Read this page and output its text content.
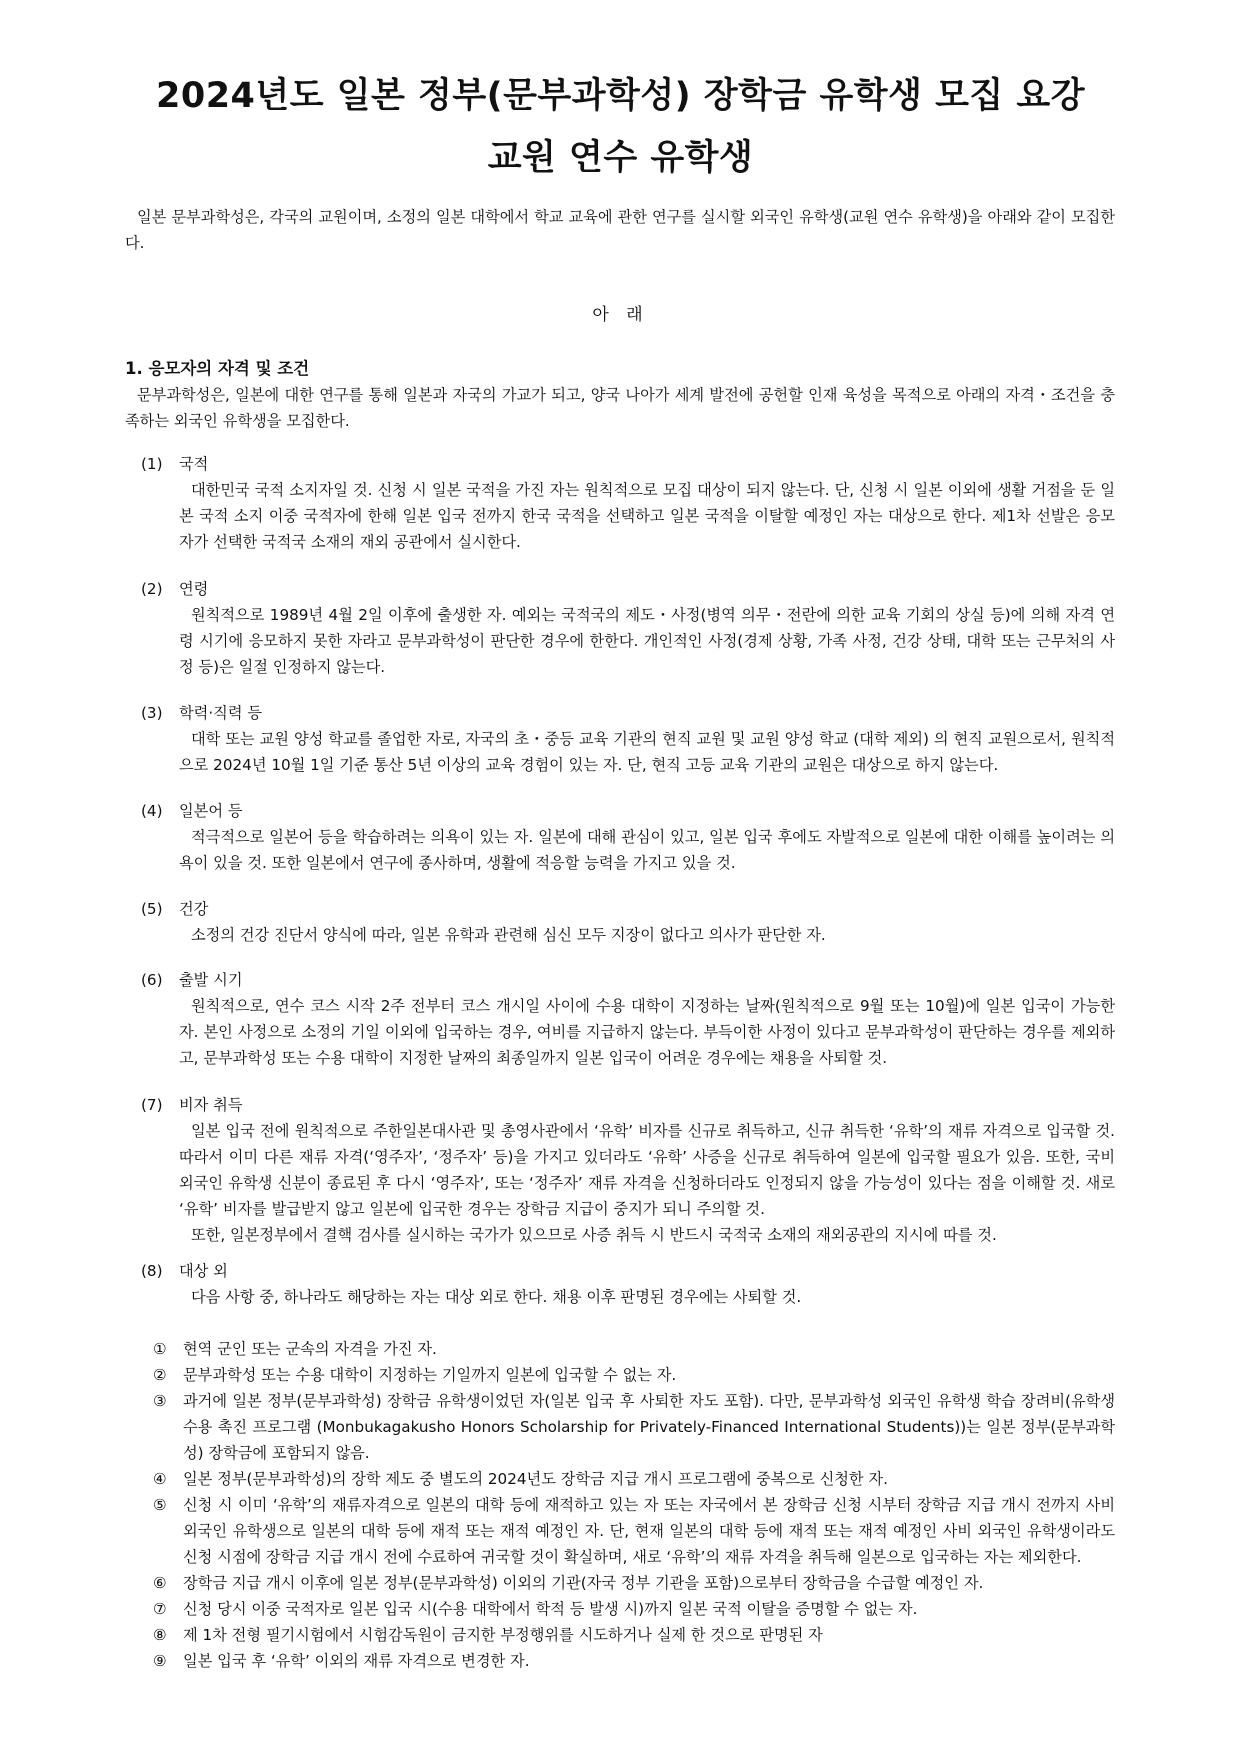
2024년도 일본 정부(문부과학성) 장학금 유학생 모집 요강
교원 연수 유학생
일본 문부과학성은, 각국의 교원이며, 소정의 일본 대학에서 학교 교육에 관한 연구를 실시할 외국인 유학생(교원 연수 유학생)을 아래와 같이 모집한다.
아 래
1. 응모자의 자격 및 조건
문부과학성은, 일본에 대한 연구를 통해 일본과 자국의 가교가 되고, 양국 나아가 세계 발전에 공헌할 인재 육성을 목적으로 아래의 자격・조건을 충족하는 외국인 유학생을 모집한다.
(1) 국적
대한민국 국적 소지자일 것. 신청 시 일본 국적을 가진 자는 원칙적으로 모집 대상이 되지 않는다. 단, 신청 시 일본 이외에 생활 거점을 둔 일본 국적 소지 이중 국적자에 한해 일본 입국 전까지 한국 국적을 선택하고 일본 국적을 이탈할 예정인 자는 대상으로 한다. 제1차 선발은 응모자가 선택한 국적국 소재의 재외 공관에서 실시한다.
(2) 연령
원칙적으로 1989년 4월 2일 이후에 출생한 자. 예외는 국적국의 제도・사정(병역 의무・전란에 의한 교육 기회의 상실 등)에 의해 자격 연령 시기에 응모하지 못한 자라고 문부과학성이 판단한 경우에 한한다. 개인적인 사정(경제 상황, 가족 사정, 건강 상태, 대학 또는 근무처의 사정 등)은 일절 인정하지 않는다.
(3) 학력·직력 등
대학 또는 교원 양성 학교를 졸업한 자로, 자국의 초・중등 교육 기관의 현직 교원 및 교원 양성 학교 (대학 제외) 의 현직 교원으로서, 원칙적으로 2024년 10월 1일 기준 통산 5년 이상의 교육 경험이 있는 자. 단, 현직 고등 교육 기관의 교원은 대상으로 하지 않는다.
(4) 일본어 등
적극적으로 일본어 등을 학습하려는 의욕이 있는 자. 일본에 대해 관심이 있고, 일본 입국 후에도 자발적으로 일본에 대한 이해를 높이려는 의욕이 있을 것. 또한 일본에서 연구에 종사하며, 생활에 적응할 능력을 가지고 있을 것.
(5) 건강
소정의 건강 진단서 양식에 따라, 일본 유학과 관련해 심신 모두 지장이 없다고 의사가 판단한 자.
(6) 출발 시기
원칙적으로, 연수 코스 시작 2주 전부터 코스 개시일 사이에 수용 대학이 지정하는 날짜(원칙적으로 9월 또는 10월)에 일본 입국이 가능한 자. 본인 사정으로 소정의 기일 이외에 입국하는 경우, 여비를 지급하지 않는다. 부득이한 사정이 있다고 문부과학성이 판단하는 경우를 제외하고, 문부과학성 또는 수용 대학이 지정한 날짜의 최종일까지 일본 입국이 어려운 경우에는 채용을 사퇴할 것.
(7) 비자 취득
일본 입국 전에 원칙적으로 주한일본대사관 및 총영사관에서 ‘유학’ 비자를 신규로 취득하고, 신규 취득한 ‘유학’의 재류 자격으로 입국할 것. 따라서 이미 다른 재류 자격(‘영주자’, ‘정주자’ 등)을 가지고 있더라도 ‘유학’ 사증을 신규로 취득하여 일본에 입국할 필요가 있음. 또한, 국비 외국인 유학생 신분이 종료된 후 다시 ‘영주자’, 또는 ‘정주자’ 재류 자격을 신청하더라도 인정되지 않을 가능성이 있다는 점을 이해할 것. 새로 ‘유학’ 비자를 발급받지 않고 일본에 입국한 경우는 장학금 지급이 중지가 되니 주의할 것.
또한, 일본정부에서 결핵 검사를 실시하는 국가가 있으므로 사증 취득 시 반드시 국적국 소재의 재외공관의 지시에 따를 것.
(8) 대상 외
다음 사항 중, 하나라도 해당하는 자는 대상 외로 한다. 채용 이후 판명된 경우에는 사퇴할 것.
①	현역 군인 또는 군속의 자격을 가진 자.
②	문부과학성 또는 수용 대학이 지정하는 기일까지 일본에 입국할 수 없는 자.
③	과거에 일본 정부(문부과학성) 장학금 유학생이었던 자(일본 입국 후 사퇴한 자도 포함). 다만, 문부과학성 외국인 유학생 학습 장려비(유학생 수용 촉진 프로그램 (Monbukagakusho Honors Scholarship for Privately-Financed International Students))는 일본 정부(문부과학성) 장학금에 포함되지 않음.
④	일본 정부(문부과학성)의 장학 제도 중 별도의 2024년도 장학금 지급 개시 프로그램에 중복으로 신청한 자.
⑤	신청 시 이미 ‘유학’의 재류자격으로 일본의 대학 등에 재적하고 있는 자 또는 자국에서 본 장학금 신청 시부터 장학금 지급 개시 전까지 사비 외국인 유학생으로 일본의 대학 등에 재적 또는 재적 예정인 자. 단, 현재 일본의 대학 등에 재적 또는 재적 예정인 사비 외국인 유학생이라도 신청 시점에 장학금 지급 개시 전에 수료하여 귀국할 것이 확실하며, 새로 ‘유학’의 재류 자격을 취득해 일본으로 입국하는 자는 제외한다.
⑥	장학금 지급 개시 이후에 일본 정부(문부과학성) 이외의 기관(자국 정부 기관을 포함)으로부터 장학금을 수급할 예정인 자.
⑦	신청 당시 이중 국적자로 일본 입국 시(수용 대학에서 학적 등 발생 시)까지 일본 국적 이탈을 증명할 수 없는 자.
⑧	제 1차 전형 필기시험에서 시험감독원이 금지한 부정행위를 시도하거나 실제 한 것으로 판명된 자
⑨	일본 입국 후 ‘유학’ 이외의 재류 자격으로 변경한 자.
